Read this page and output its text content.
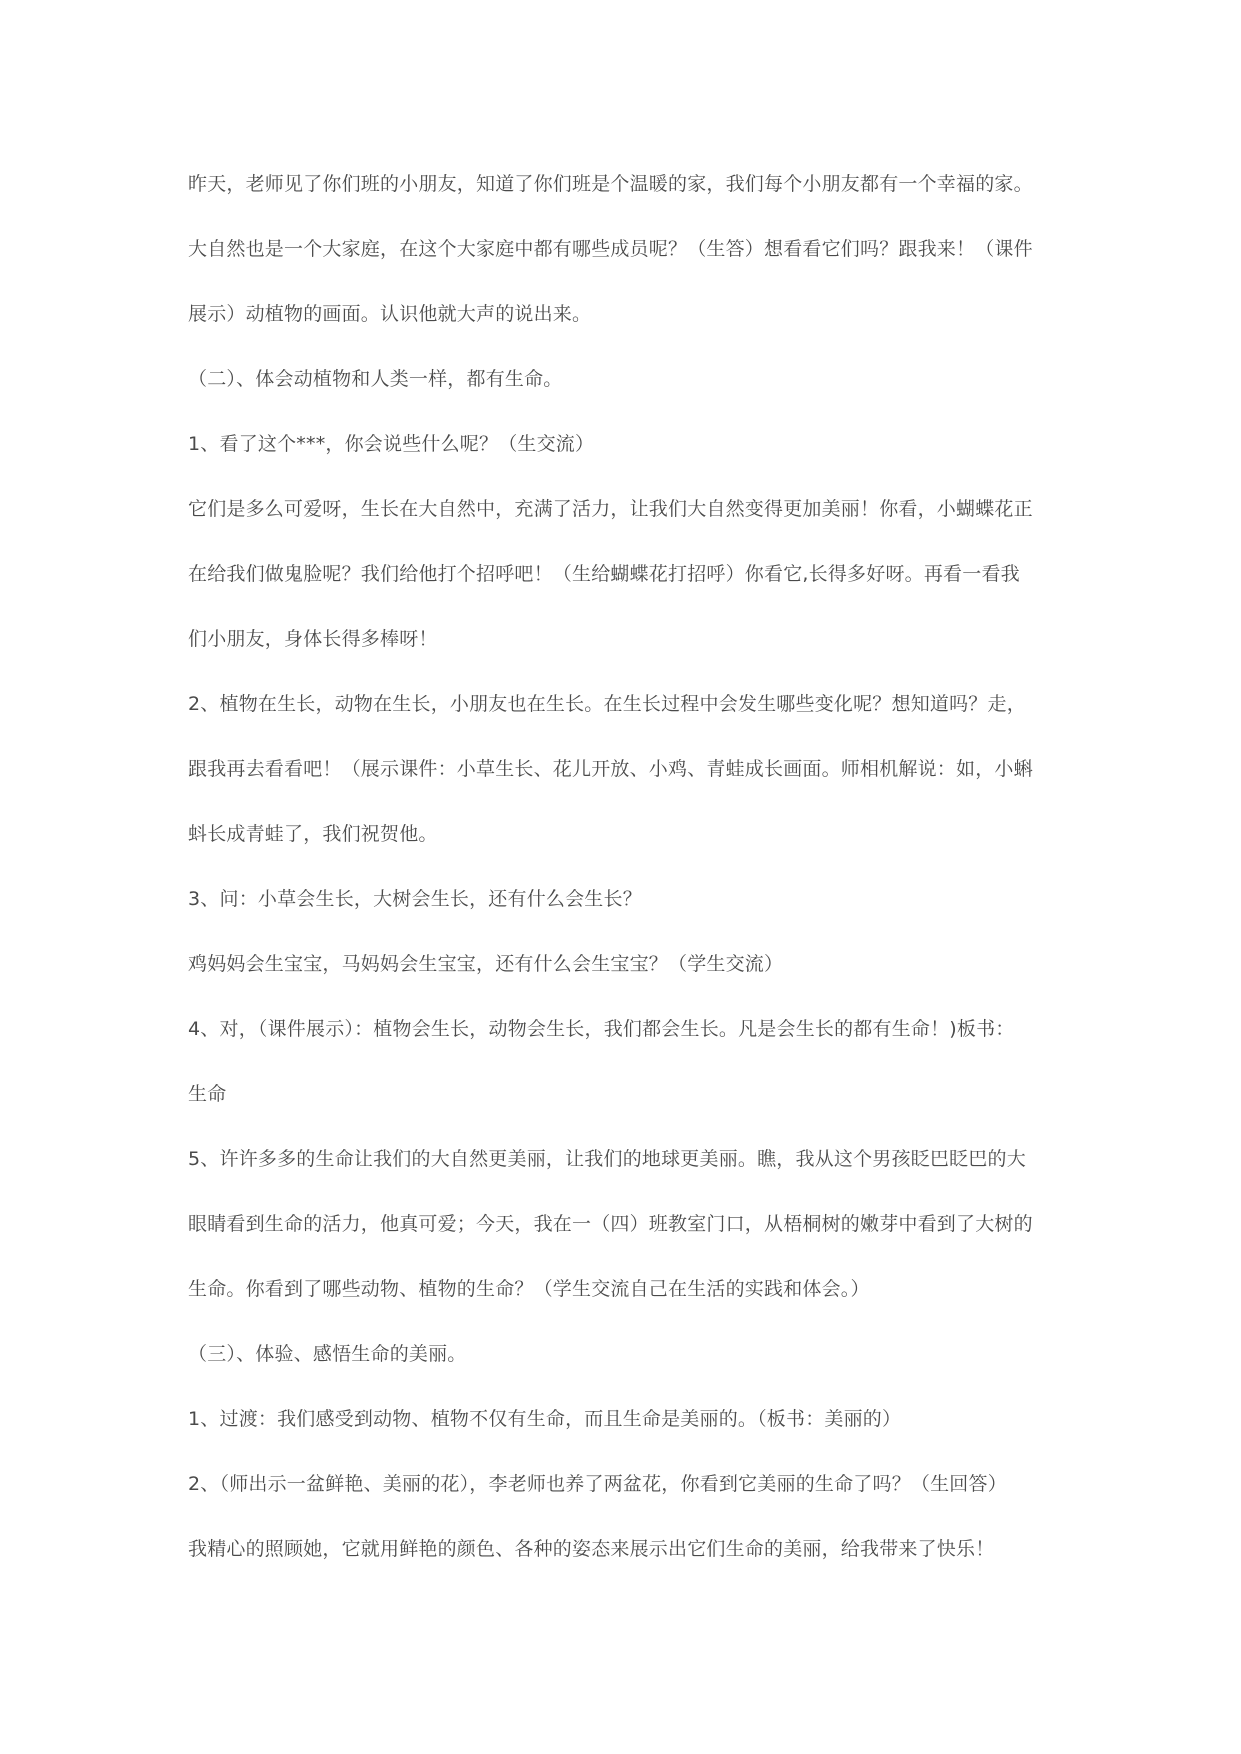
昨天，老师见了你们班的小朋友，知道了你们班是个温暖的家，我们每个小朋友都有一个幸福的家。

大自然也是一个大家庭，在这个大家庭中都有哪些成员呢？（生答）想看看它们吗？跟我来！（课件

展示）动植物的画面。认识他就大声的说出来。

（二）、体会动植物和人类一样，都有生命。

1、看了这个***，你会说些什么呢？（生交流）

它们是多么可爱呀，生长在大自然中，充满了活力，让我们大自然变得更加美丽！你看，小蝴蝶花正

在给我们做鬼脸呢？我们给他打个招呼吧！（生给蝴蝶花打招呼）你看它,长得多好呀。再看一看我

们小朋友，身体长得多棒呀！

2、植物在生长，动物在生长，小朋友也在生长。在生长过程中会发生哪些变化呢？想知道吗？走，

跟我再去看看吧！（展示课件：小草生长、花儿开放、小鸡、青蛙成长画面。师相机解说：如，小蝌

蚪长成青蛙了，我们祝贺他。

3、问：小草会生长，大树会生长，还有什么会生长？

鸡妈妈会生宝宝，马妈妈会生宝宝，还有什么会生宝宝？（学生交流）

4、对，（课件展示）：植物会生长，动物会生长，我们都会生长。凡是会生长的都有生命！)板书：

生命

5、许许多多的生命让我们的大自然更美丽，让我们的地球更美丽。瞧，我从这个男孩眨巴眨巴的大

眼睛看到生命的活力，他真可爱；今天，我在一（四）班教室门口，从梧桐树的嫩芽中看到了大树的

生命。你看到了哪些动物、植物的生命？（学生交流自己在生活的实践和体会。）

（三）、体验、感悟生命的美丽。

1、过渡：我们感受到动物、植物不仅有生命，而且生命是美丽的。（板书：美丽的）

2、（师出示一盆鲜艳、美丽的花），李老师也养了两盆花，你看到它美丽的生命了吗？（生回答）

我精心的照顾她，它就用鲜艳的颜色、各种的姿态来展示出它们生命的美丽，给我带来了快乐！
